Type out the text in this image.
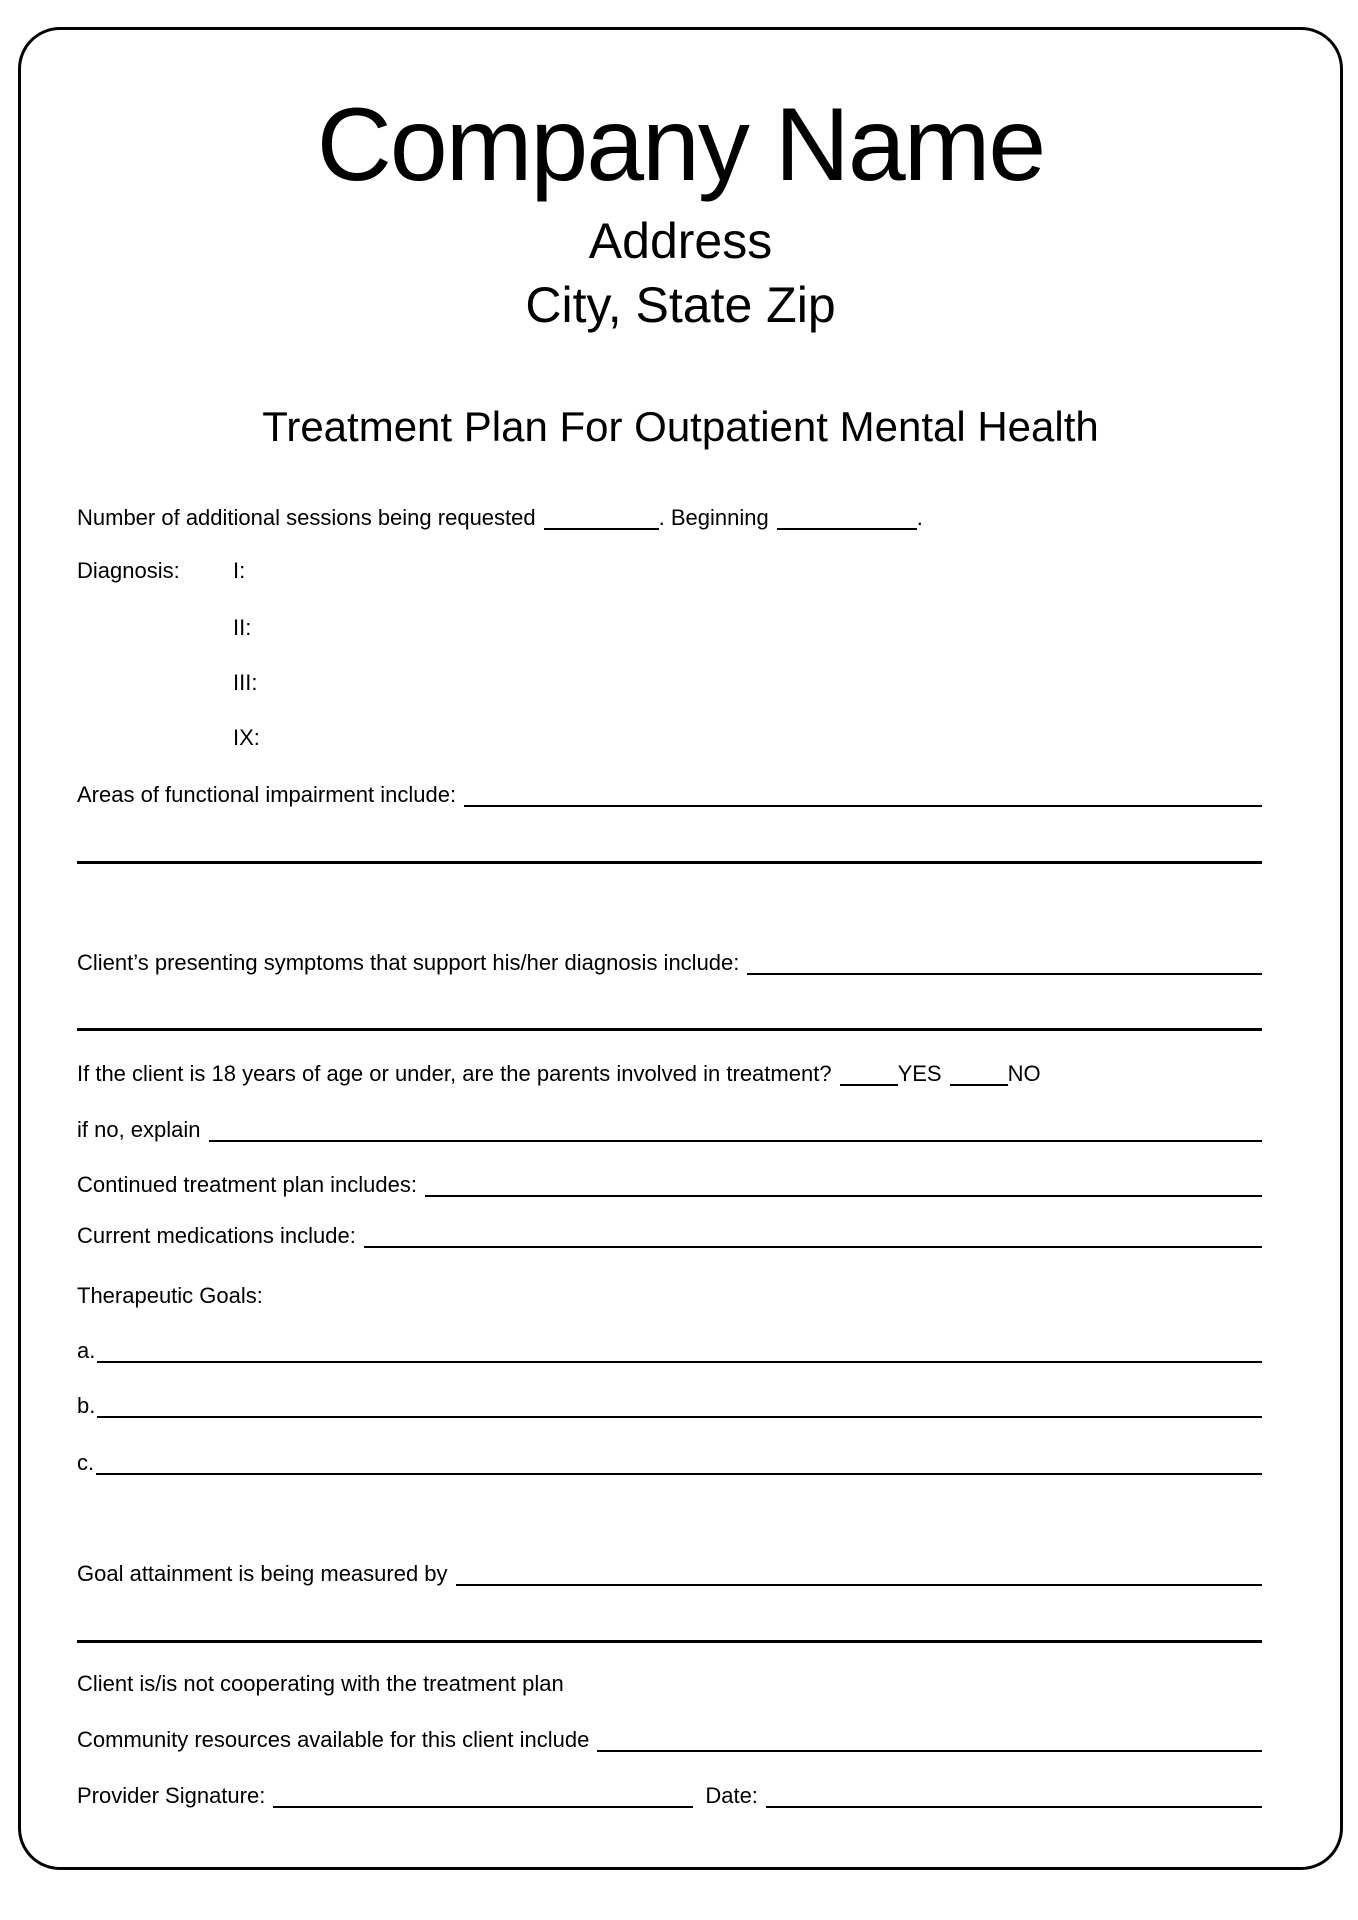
Company Name
Address
City, State Zip
Treatment Plan For Outpatient Mental Health
Number of additional sessions being requested	. Beginning	.
Diagnosis: I:
II:
III:
IX:
Areas of functional impairment include:
Client’s presenting symptoms that support his/her diagnosis include:
If the client is 18 years of age or under, are the parents involved in treatment?	YES	NO
if no, explain
Continued treatment plan includes:
Current medications include:
Therapeutic Goals:
a.
b.
c.
Goal attainment is being measured by
Client is/is not cooperating with the treatment plan
Community resources available for this client include
Provider Signature:	Date:
